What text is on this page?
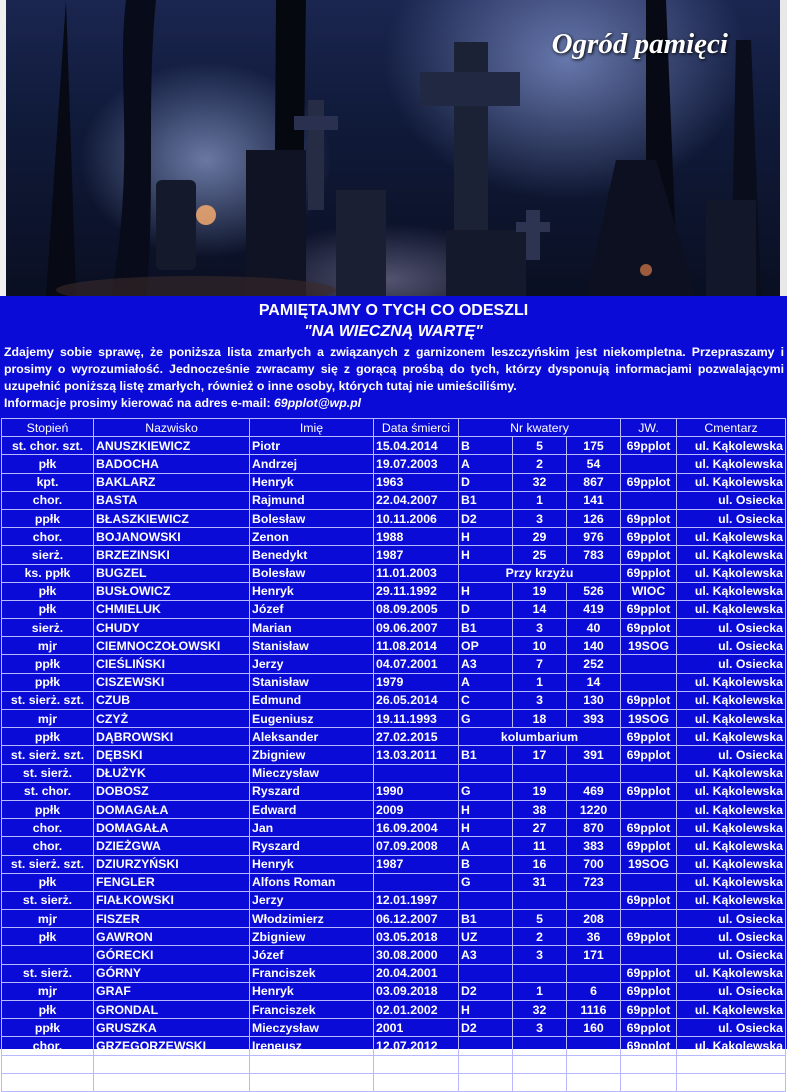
Ogród pamięci
PAMIĘTAJMY O TYCH CO ODESZLI
"NA WIECZNĄ WARTĘ"

Zdajemy sobie sprawę, że poniższa lista zmarłych a związanych z garnizonem leszczyńskim jest niekompletna. Przepraszamy i prosimy o wyrozumiałość. Jednocześnie zwracamy się z gorącą prośbą do tych, którzy dysponują informacjami pozwalającymi uzupełnić poniższą listę zmarłych, również o inne osoby, których tutaj nie umieściliśmy.

Informacje prosimy kierować na adres e-mail: 69pplot@wp.pl

Stopień	Nazwisko	Imię	Data śmierci	Nr kwatery			JW.	Cmentarz
st. chor. szt.	ANUSZKIEWICZ	Piotr	15.04.2014	B	5	175	69pplot	ul. Kąkolewska
płk	BADOCHA	Andrzej	19.07.2003	A	2	54		ul. Kąkolewska
kpt.	BAKLARZ	Henryk	1963	D	32	867	69pplot	ul. Kąkolewska
chor.	BASTA	Rajmund	22.04.2007	B1	1	141		ul. Osiecka
ppłk	BŁASZKIEWICZ	Bolesław	10.11.2006	D2	3	126	69pplot	ul. Osiecka
chor.	BOJANOWSKI	Zenon	1988	H	29	976	69pplot	ul. Kąkolewska
sierż.	BRZEZINSKI	Benedykt	1987	H	25	783	69pplot	ul. Kąkolewska
ks. ppłk	BUGZEL	Bolesław	11.01.2003	Przy krzyżu			69pplot	ul. Kąkolewska
płk	BUSŁOWICZ	Henryk	29.11.1992	H	19	526	WIOC	ul. Kąkolewska
płk	CHMIELUK	Józef	08.09.2005	D	14	419	69pplot	ul. Kąkolewska
sierż.	CHUDY	Marian	09.06.2007	B1	3	40	69pplot	ul. Osiecka
mjr	CIEMNOCZOŁOWSKI	Stanisław	11.08.2014	OP	10	140	19SOG	ul. Osiecka
ppłk	CIEŚLIŃSKI	Jerzy	04.07.2001	A3	7	252		ul. Osiecka
ppłk	CISZEWSKI	Stanisław	1979	A	1	14		ul. Kąkolewska
st. sierż. szt.	CZUB	Edmund	26.05.2014	C	3	130	69pplot	ul. Kąkolewska
mjr	CZYŻ	Eugeniusz	19.11.1993	G	18	393	19SOG	ul. Kąkolewska
ppłk	DĄBROWSKI	Aleksander	27.02.2015	kolumbarium			69pplot	ul. Kąkolewska
st. sierż. szt.	DĘBSKI	Zbigniew	13.03.2011	B1	17	391	69pplot	ul. Osiecka
st. sierż.	DŁUŻYK	Mieczysław						ul. Kąkolewska
st. chor.	DOBOSZ	Ryszard	1990	G	19	469	69pplot	ul. Kąkolewska
ppłk	DOMAGAŁA	Edward	2009	H	38	1220		ul. Kąkolewska
chor.	DOMAGAŁA	Jan	16.09.2004	H	27	870	69pplot	ul. Kąkolewska
chor.	DZIEŻGWA	Ryszard	07.09.2008	A	11	383	69pplot	ul. Kąkolewska
st. sierż. szt.	DZIURZYŃSKI	Henryk	1987	B	16	700	19SOG	ul. Kąkolewska
płk	FENGLER	Alfons Roman		G	31	723		ul. Kąkolewska
st. sierż.	FIAŁKOWSKI	Jerzy	12.01.1997				69pplot	ul. Kąkolewska
mjr	FISZER	Włodzimierz	06.12.2007	B1	5	208		ul. Osiecka
płk	GAWRON	Zbigniew	03.05.2018	UZ	2	36	69pplot	ul. Osiecka
	GÓRECKI	Józef	30.08.2000	A3	3	171		ul. Osiecka
st. sierż.	GÓRNY	Franciszek	20.04.2001				69pplot	ul. Kąkolewska
mjr	GRAF	Henryk	03.09.2018	D2	1	6	69pplot	ul. Osiecka
płk	GRONDAL	Franciszek	02.01.2002	H	32	1116	69pplot	ul. Kąkolewska
ppłk	GRUSZKA	Mieczysław	2001	D2	3	160	69pplot	ul. Osiecka
chor.	GRZEGORZEWSKI	Ireneusz	12.07.2012				69pplot	ul. Kąkolewska
ppłk	GRZESIAK	Roman	25.08.1986	A16	12	75	69pplot	ul. Osiecka
ppłk	GWAZDACZ	Stefan	1995	I	7	549	19SOG	ul. Kąkolewska
